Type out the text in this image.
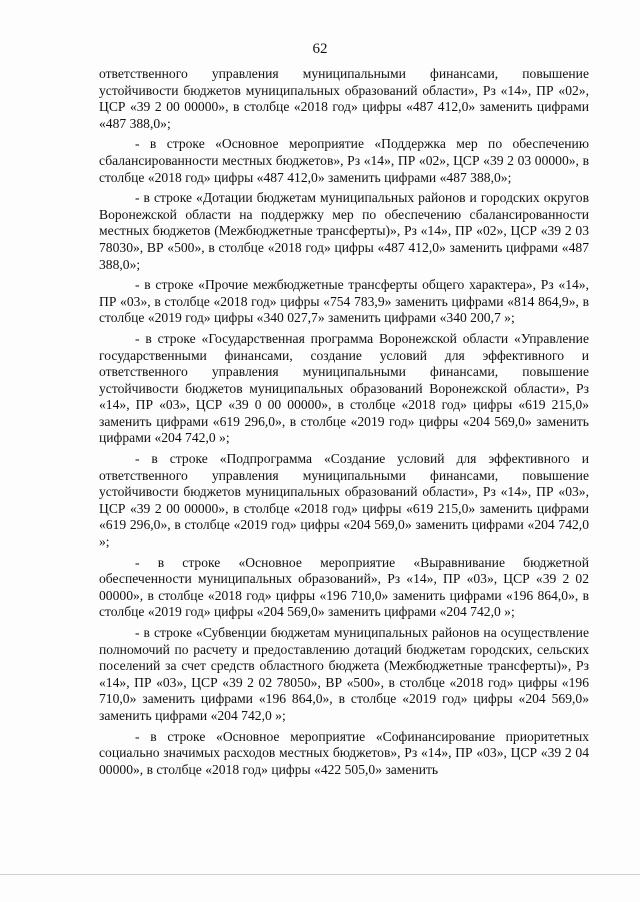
62

ответственного управления муниципальными финансами, повышение устойчивости бюджетов муниципальных образований области», Рз «14», ПР «02», ЦСР «39 2 00 00000», в столбце «2018 год» цифры «487 412,0» заменить цифрами «487 388,0»;

- в строке «Основное мероприятие «Поддержка мер по обеспечению сбалансированности местных бюджетов», Рз «14», ПР «02», ЦСР «39 2 03 00000», в столбце «2018 год» цифры «487 412,0» заменить цифрами «487 388,0»;

- в строке «Дотации бюджетам муниципальных районов и городских округов Воронежской области на поддержку мер по обеспечению сбалансированности местных бюджетов (Межбюджетные трансферты)», Рз «14», ПР «02», ЦСР «39 2 03 78030», ВР «500», в столбце «2018 год» цифры «487 412,0» заменить цифрами «487 388,0»;

- в строке «Прочие межбюджетные трансферты общего характера», Рз «14», ПР «03», в столбце «2018 год» цифры «754 783,9» заменить цифрами «814 864,9», в столбце «2019 год» цифры «340 027,7» заменить цифрами «340 200,7 »;

- в строке «Государственная программа Воронежской области «Управление государственными финансами, создание условий для эффективного и ответственного управления муниципальными финансами, повышение устойчивости бюджетов муниципальных образований Воронежской области», Рз «14», ПР «03», ЦСР «39 0 00 00000», в столбце «2018 год» цифры «619 215,0» заменить цифрами «619 296,0», в столбце «2019 год» цифры «204 569,0» заменить цифрами «204 742,0 »;

- в строке «Подпрограмма «Создание условий для эффективного и ответственного управления муниципальными финансами, повышение устойчивости бюджетов муниципальных образований области», Рз «14», ПР «03», ЦСР «39 2 00 00000», в столбце «2018 год» цифры «619 215,0» заменить цифрами «619 296,0», в столбце «2019 год» цифры «204 569,0» заменить цифрами «204 742,0 »;

- в строке «Основное мероприятие «Выравнивание бюджетной обеспеченности муниципальных образований», Рз «14», ПР «03», ЦСР «39 2 02 00000», в столбце «2018 год» цифры «196 710,0» заменить цифрами «196 864,0», в столбце «2019 год» цифры «204 569,0» заменить цифрами «204 742,0 »;

- в строке «Субвенции бюджетам муниципальных районов на осуществление полномочий по расчету и предоставлению дотаций бюджетам городских, сельских поселений за счет средств областного бюджета (Межбюджетные трансферты)», Рз «14», ПР «03», ЦСР «39 2 02 78050», ВР «500», в столбце «2018 год» цифры «196 710,0» заменить цифрами «196 864,0», в столбце «2019 год» цифры «204 569,0» заменить цифрами «204 742,0 »;

- в строке «Основное мероприятие «Софинансирование приоритетных социально значимых расходов местных бюджетов», Рз «14», ПР «03», ЦСР «39 2 04 00000», в столбце «2018 год» цифры «422 505,0» заменить
